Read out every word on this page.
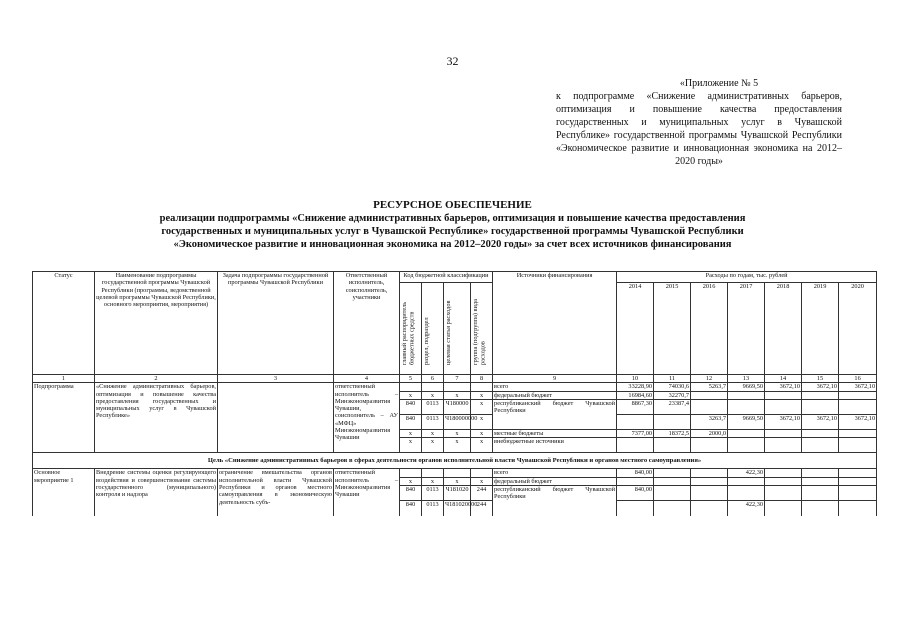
32
«Приложение № 5
к подпрограмме «Снижение административных барьеров, оптимизация и повышение качества предоставления государственных и муниципальных услуг в Чувашской Республике» государственной программы Чувашской Республики «Экономическое развитие и инновационная экономика на 2012–2020 годы»
РЕСУРСНОЕ ОБЕСПЕЧЕНИЕ
реализации подпрограммы «Снижение административных барьеров, оптимизация и повышение качества предоставления
государственных и муниципальных услуг в Чувашской Республике» государственной программы Чувашской Республики
«Экономическое развитие и инновационная экономика на 2012–2020 годы» за счет всех источников финансирования
Статус	Наименование подпрограммы государственной программы Чувашской Республики (программы, ведомственной целевой программы Чувашской Республики, основного мероприятия, мероприятия)	Задача подпрограммы государственной программы Чувашской Республики	Ответственный исполнитель, соисполнитель, участники	Код бюджетной классификации				Источники финансирования	Расходы по годам, тыс. рублей						

				главный распорядитель бюджетных средств	раздел, подраздел	целевая статья расходов	группа (подгруппа) вида расходов		2014	2015	2016	2017	2018	2019	2020
1	2	3	4	5	6	7	8	9	10	11	12	13	14	15	16
Подпрограмма	«Снижение административных барьеров, оптимизация и повышение качества предоставления государственных и муниципальных услуг в Чувашской Республике»		ответственный исполнитель – Минэкономразвития Чувашии, соисполнитель – АУ «МФЦ» Минэкономразвития Чувашии					всего	33228,90	74030,6	5263,7	9669,50	3672,10	3672,10	3672,10
				x	x	x	x	федеральный бюджет	16984,60	32270,7					
				840	0113	Ч180000	x	республиканский бюджет Чувашской Республики	8867,30	23387,4					
				840	0113	Ч180000000	x				3263,7	9669,50	3672,10	3672,10	3672,10
				x	x	x	x	местные бюджеты	7377,00	18372,5	2000,0				
				x	x	x	x	внебюджетные источники							
Цель «Снижение административных барьеров в сферах деятельности органов исполнительной власти Чувашской Республики и органов местного самоуправления»															
Основное мероприятие 1	Внедрение системы оценки регулирующего воздействия и совершенствование системы государственного (муниципального) контроля и надзора	ограничение вмешательства органов исполнительной власти Чувашской Республики и органов местного самоуправления в экономическую деятельность субъ-	ответственный исполнитель – Минэкономразвития Чувашии					всего	840,00			422,30			
				x	x	x	x	федеральный бюджет							
				840	0113	Ч181020	244	республиканский бюджет Чувашской Республики	840,00						
				840	0113	Ч181020000	244					422,30			
